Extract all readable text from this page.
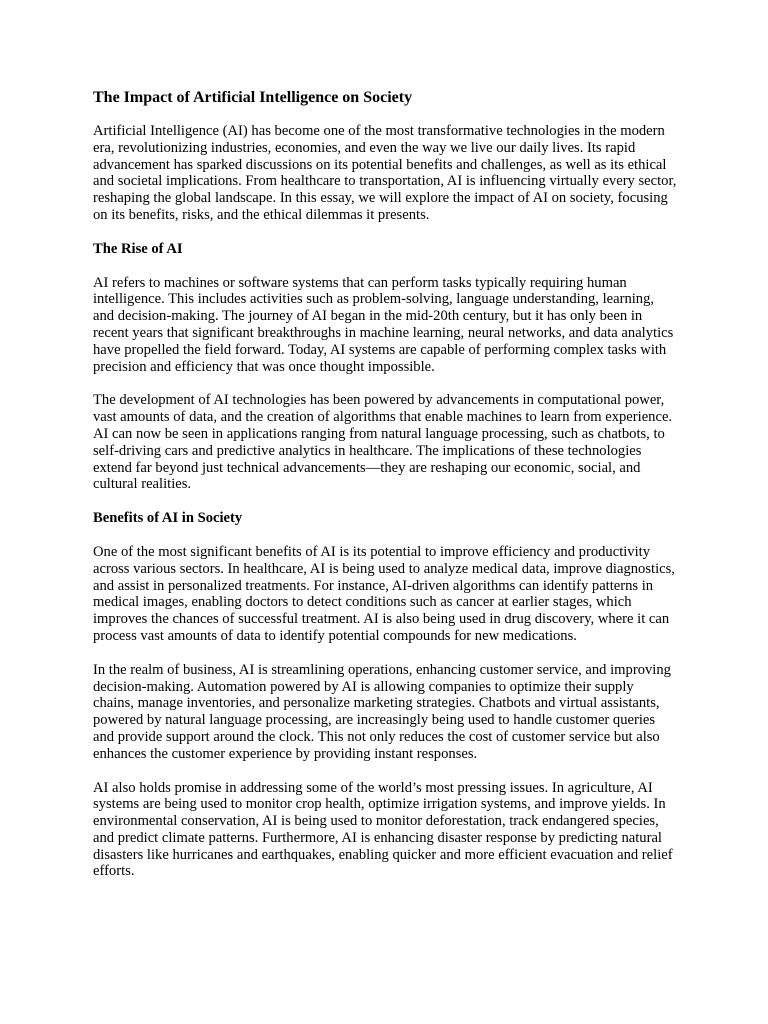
The Impact of Artificial Intelligence on Society

Artificial Intelligence (AI) has become one of the most transformative technologies in the modern era, revolutionizing industries, economies, and even the way we live our daily lives. Its rapid advancement has sparked discussions on its potential benefits and challenges, as well as its ethical and societal implications. From healthcare to transportation, AI is influencing virtually every sector, reshaping the global landscape. In this essay, we will explore the impact of AI on society, focusing on its benefits, risks, and the ethical dilemmas it presents.

The Rise of AI

AI refers to machines or software systems that can perform tasks typically requiring human intelligence. This includes activities such as problem-solving, language understanding, learning, and decision-making. The journey of AI began in the mid-20th century, but it has only been in recent years that significant breakthroughs in machine learning, neural networks, and data analytics have propelled the field forward. Today, AI systems are capable of performing complex tasks with precision and efficiency that was once thought impossible.

The development of AI technologies has been powered by advancements in computational power, vast amounts of data, and the creation of algorithms that enable machines to learn from experience. AI can now be seen in applications ranging from natural language processing, such as chatbots, to self-driving cars and predictive analytics in healthcare. The implications of these technologies extend far beyond just technical advancements—they are reshaping our economic, social, and cultural realities.

Benefits of AI in Society

One of the most significant benefits of AI is its potential to improve efficiency and productivity across various sectors. In healthcare, AI is being used to analyze medical data, improve diagnostics, and assist in personalized treatments. For instance, AI-driven algorithms can identify patterns in medical images, enabling doctors to detect conditions such as cancer at earlier stages, which improves the chances of successful treatment. AI is also being used in drug discovery, where it can process vast amounts of data to identify potential compounds for new medications.

In the realm of business, AI is streamlining operations, enhancing customer service, and improving decision-making. Automation powered by AI is allowing companies to optimize their supply chains, manage inventories, and personalize marketing strategies. Chatbots and virtual assistants, powered by natural language processing, are increasingly being used to handle customer queries and provide support around the clock. This not only reduces the cost of customer service but also enhances the customer experience by providing instant responses.

AI also holds promise in addressing some of the world’s most pressing issues. In agriculture, AI systems are being used to monitor crop health, optimize irrigation systems, and improve yields. In environmental conservation, AI is being used to monitor deforestation, track endangered species, and predict climate patterns. Furthermore, AI is enhancing disaster response by predicting natural disasters like hurricanes and earthquakes, enabling quicker and more efficient evacuation and relief efforts.
